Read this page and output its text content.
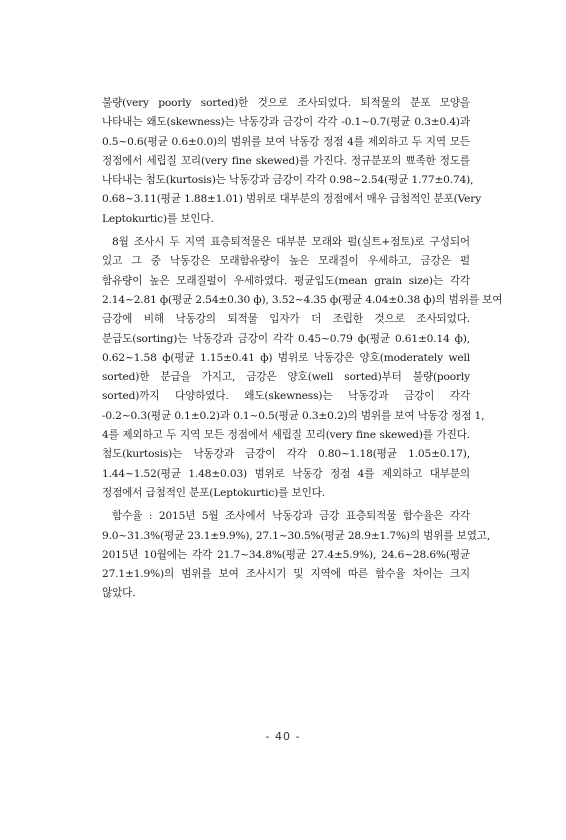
불량(very poorly sorted)한 것으로 조사되었다. 퇴적물의 분포 모양을
나타내는 왜도(skewness)는 낙동강과 금강이 각각 -0.1~0.7(평균 0.3±0.4)과
0.5~0.6(평균 0.6±0.0)의 범위를 보여 낙동강 정점 4를 제외하고 두 지역 모든
정점에서 세립질 꼬리(very fine skewed)를 가진다. 정규분포의 뾰족한 정도를
나타내는 첨도(kurtosis)는 낙동강과 금강이 각각 0.98~2.54(평균 1.77±0.74),
0.68~3.11(평균 1.88±1.01) 범위로 대부분의 정점에서 매우 급첨적인 분포(Very
Leptokurtic)를 보인다.
8월 조사시 두 지역 표층퇴적물은 대부분 모래와 펄(실트+점토)로 구성되어
있고 그 중 낙동강은 모래함유량이 높은 모래질이 우세하고, 금강은 펄
함유량이 높은 모래질펄이 우세하였다. 평균입도(mean grain size)는 각각
2.14~2.81 ф(평균 2.54±0.30 ф), 3.52~4.35 ф(평균 4.04±0.38 ф)의 범위를 보여
금강에 비해 낙동강의 퇴적물 입자가 더 조립한 것으로 조사되었다.
분급도(sorting)는 낙동강과 금강이 각각 0.45~0.79 ф(평균 0.61±0.14 ф),
0.62~1.58 ф(평균 1.15±0.41 ф) 범위로 낙동강은 양호(moderately well
sorted)한 분급을 가지고, 금강은 양호(well sorted)부터 불량(poorly
sorted)까지 다양하였다. 왜도(skewness)는 낙동강과 금강이 각각
-0.2~0.3(평균 0.1±0.2)과 0.1~0.5(평균 0.3±0.2)의 범위를 보여 낙동강 정점 1,
4를 제외하고 두 지역 모든 정점에서 세립질 꼬리(very fine skewed)를 가진다.
첨도(kurtosis)는 낙동강과 금강이 각각 0.80~1.18(평균 1.05±0.17),
1.44~1.52(평균 1.48±0.03) 범위로 낙동강 정점 4를 제외하고 대부분의
정점에서 급첨적인 분포(Leptokurtic)를 보인다.
함수율 : 2015년 5월 조사에서 낙동강과 금강 표층퇴적물 함수율은 각각
9.0~31.3%(평균 23.1±9.9%), 27.1~30.5%(평균 28.9±1.7%)의 범위를 보였고,
2015년 10월에는 각각 21.7~34.8%(평균 27.4±5.9%), 24.6~28.6%(평균
27.1±1.9%)의 범위를 보여 조사시기 및 지역에 따른 함수율 차이는 크지
않았다.
- 40 -
